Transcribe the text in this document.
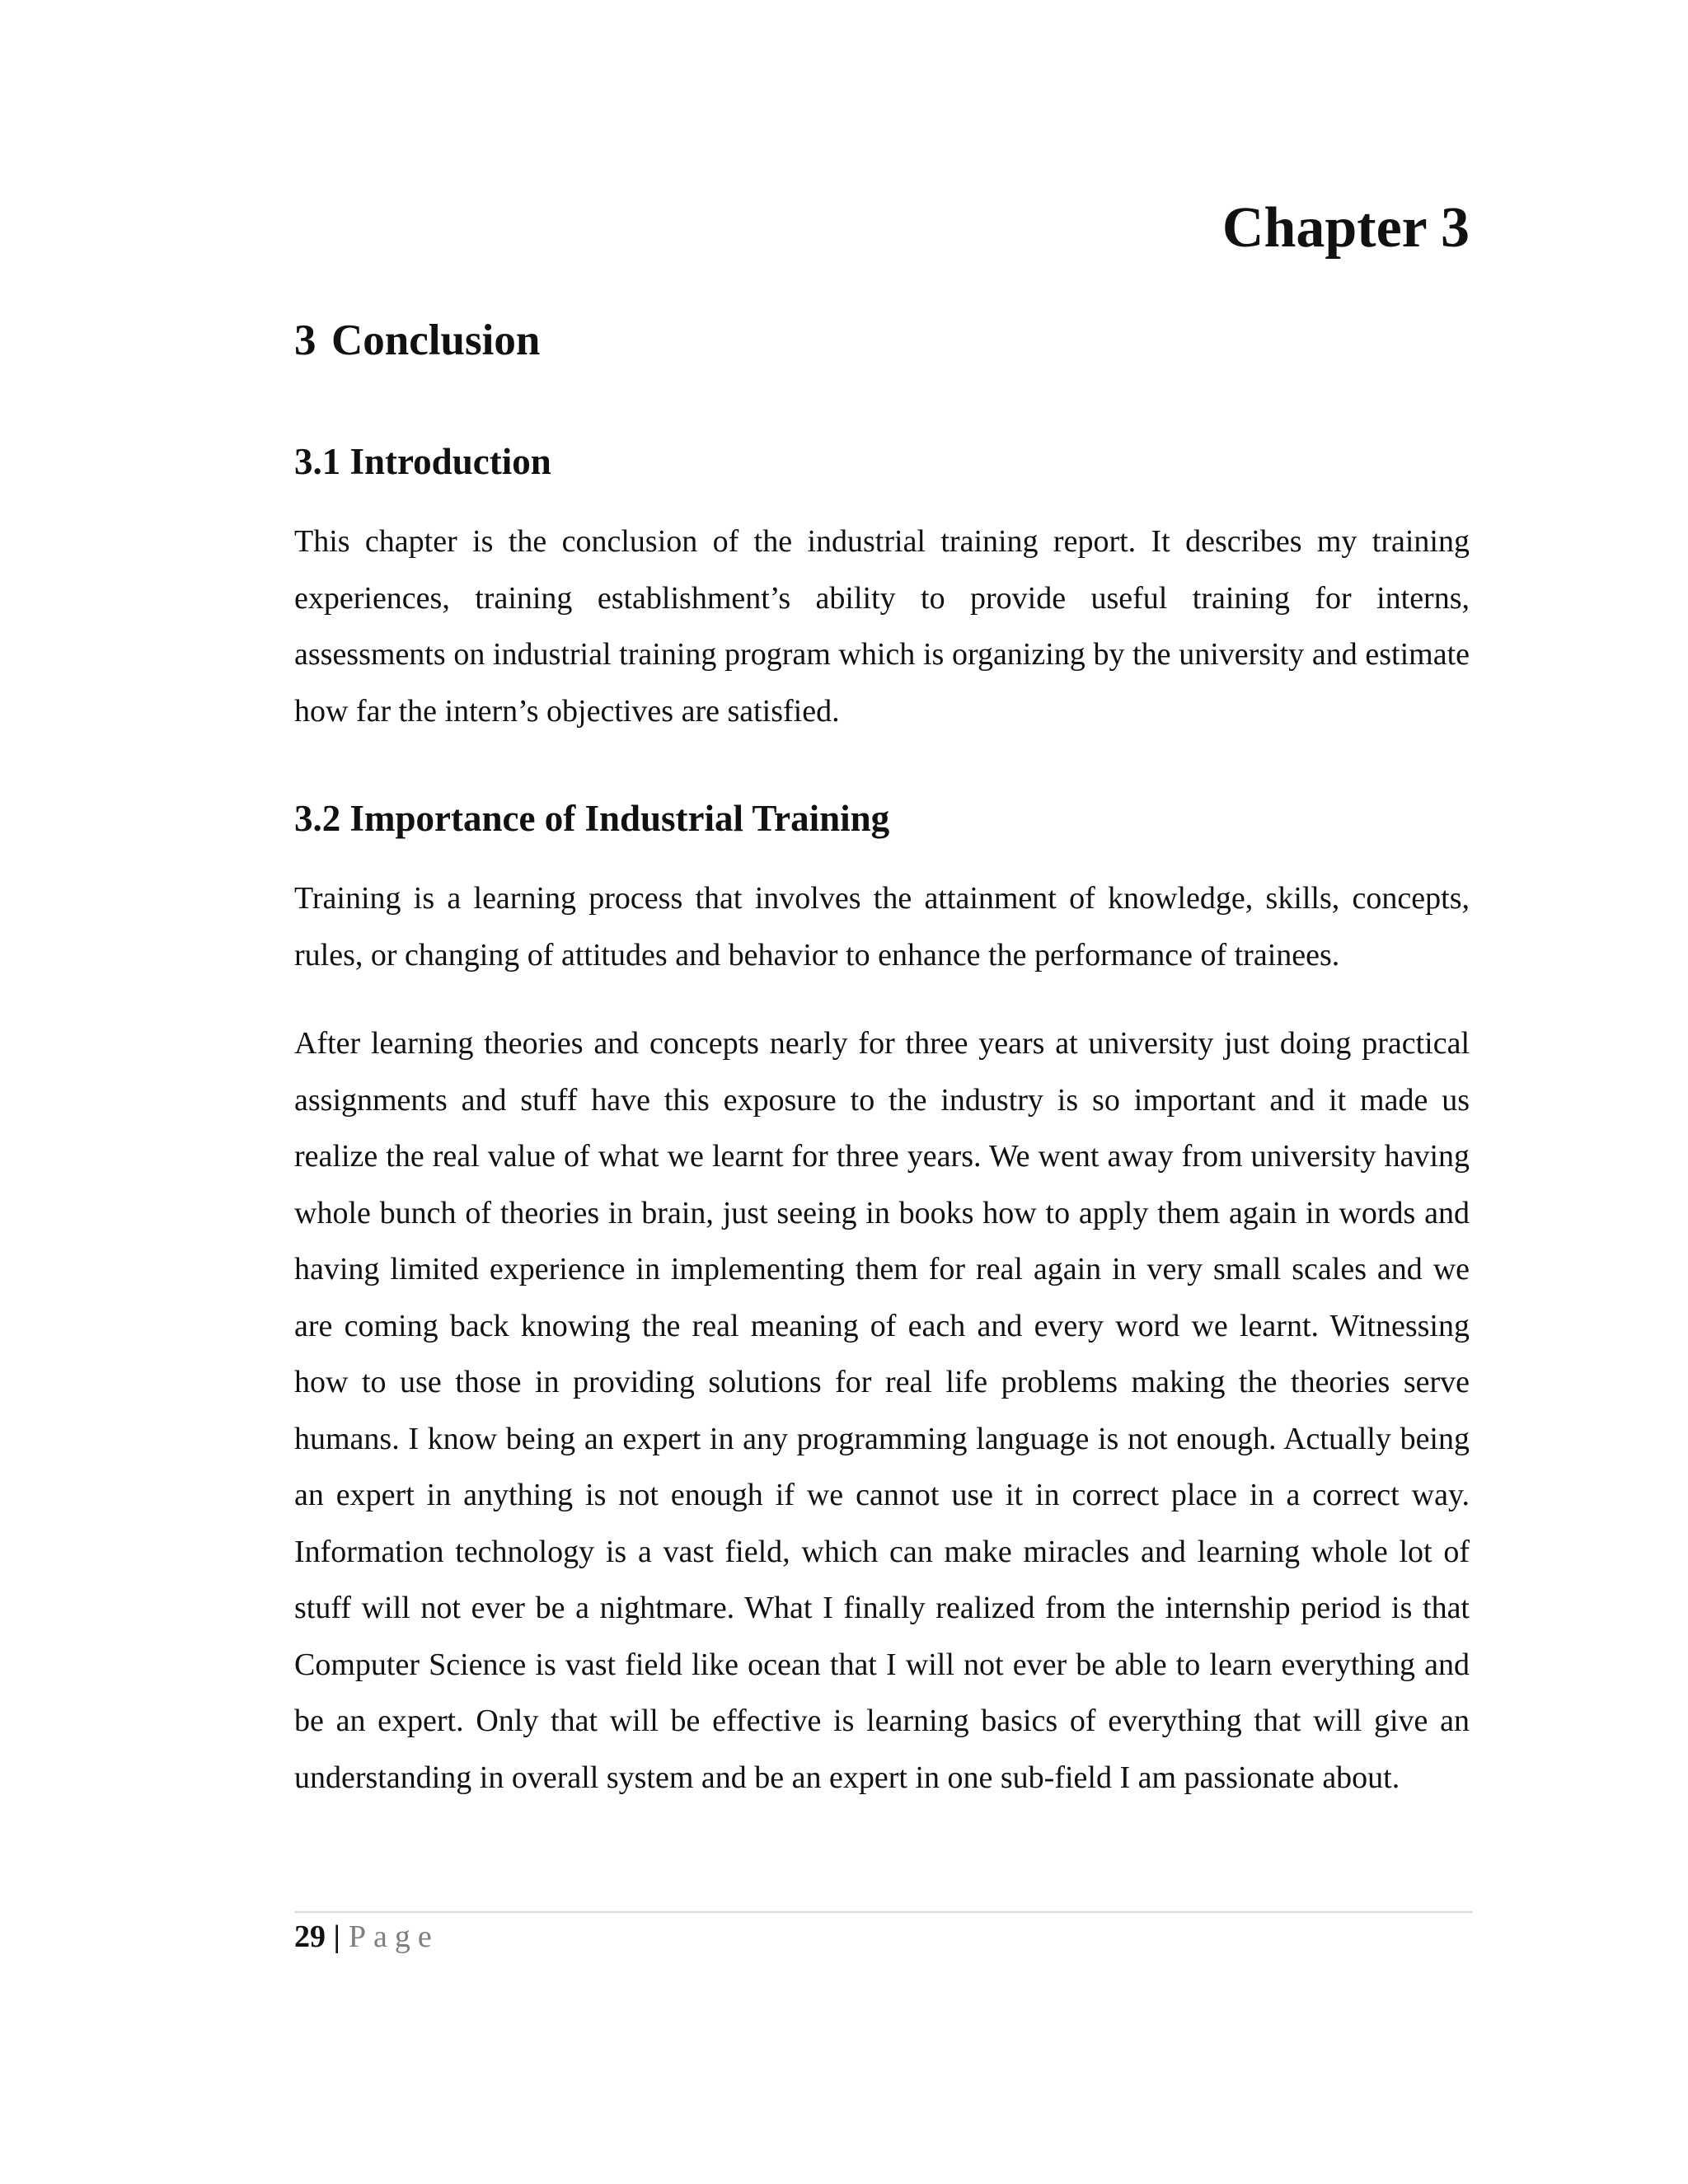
Chapter 3
3 Conclusion
3.1 Introduction

This chapter is the conclusion of the industrial training report. It describes my training experiences, training establishment’s ability to provide useful training for interns, assessments on industrial training program which is organizing by the university and estimate how far the intern’s objectives are satisfied.

3.2 Importance of Industrial Training

Training is a learning process that involves the attainment of knowledge, skills, concepts, rules, or changing of attitudes and behavior to enhance the performance of trainees.

After learning theories and concepts nearly for three years at university just doing practical assignments and stuff have this exposure to the industry is so important and it made us realize the real value of what we learnt for three years. We went away from university having whole bunch of theories in brain, just seeing in books how to apply them again in words and having limited experience in implementing them for real again in very small scales and we are coming back knowing the real meaning of each and every word we learnt. Witnessing how to use those in providing solutions for real life problems making the theories serve humans. I know being an expert in any programming language is not enough. Actually being an expert in anything is not enough if we cannot use it in correct place in a correct way. Information technology is a vast field, which can make miracles and learning whole lot of stuff will not ever be a nightmare. What I finally realized from the internship period is that Computer Science is vast field like ocean that I will not ever be able to learn everything and be an expert. Only that will be effective is learning basics of everything that will give an understanding in overall system and be an expert in one sub-field I am passionate about.

29 | Page
